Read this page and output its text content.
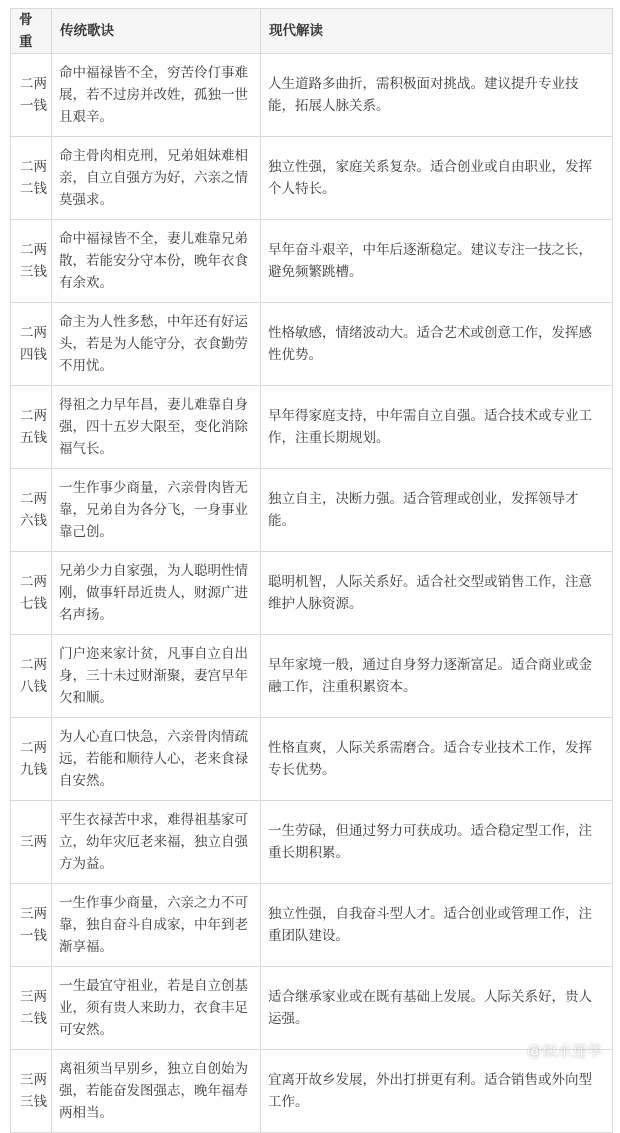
骨重	传统歌诀	现代解读
二两一钱	命中福禄皆不全，穷苦伶仃事难展，若不过房并改姓，孤独一世且艰辛。	人生道路多曲折，需积极面对挑战。建议提升专业技能，拓展人脉关系。
二两二钱	命主骨肉相克刑，兄弟姐妹难相亲，自立自强方为好，六亲之情莫强求。	独立性强，家庭关系复杂。适合创业或自由职业，发挥个人特长。
二两三钱	命中福禄皆不全，妻儿难靠兄弟散，若能安分守本份，晚年衣食有余欢。	早年奋斗艰辛，中年后逐渐稳定。建议专注一技之长，避免频繁跳槽。
二两四钱	命主为人性多愁，中年还有好运头，若是为人能守分，衣食勤劳不用忧。	性格敏感，情绪波动大。适合艺术或创意工作，发挥感性优势。
二两五钱	得祖之力早年昌，妻儿难靠自身强，四十五岁大限至，变化消除福气长。	早年得家庭支持，中年需自立自强。适合技术或专业工作，注重长期规划。
二两六钱	一生作事少商量，六亲骨肉皆无靠，兄弟自为各分飞，一身事业靠己创。	独立自主，决断力强。适合管理或创业，发挥领导才能。
二两七钱	兄弟少力自家强，为人聪明性情刚，做事轩昂近贵人，财源广进名声扬。	聪明机智，人际关系好。适合社交型或销售工作，注意维护人脉资源。
二两八钱	门户迩来家计贫，凡事自立自出身，三十未过财渐聚，妻宫早年欠和顺。	早年家境一般，通过自身努力逐渐富足。适合商业或金融工作，注重积累资本。
二两九钱	为人心直口快急，六亲骨肉情疏远，若能和顺待人心，老来食禄自安然。	性格直爽，人际关系需磨合。适合专业技术工作，发挥专长优势。
三两	平生衣禄苦中求，难得祖基家可立，幼年灾厄老来福，独立自强方为益。	一生劳碌，但通过努力可获成功。适合稳定型工作，注重长期积累。
三两一钱	一生作事少商量，六亲之力不可靠，独自奋斗自成家，中年到老渐享福。	独立性强，自我奋斗型人才。适合创业或管理工作，注重团队建设。
三两二钱	一生最宜守祖业，若是自立创基业，须有贵人来助力，衣食丰足可安然。	适合继承家业或在既有基础上发展。人际关系好，贵人运强。
三两三钱	离祖须当早别乡，独立自创始为强，若能奋发图强志，晚年福寿两相当。	宜离开故乡发展，外出打拼更有利。适合销售或外向型工作。
@似水莲华
